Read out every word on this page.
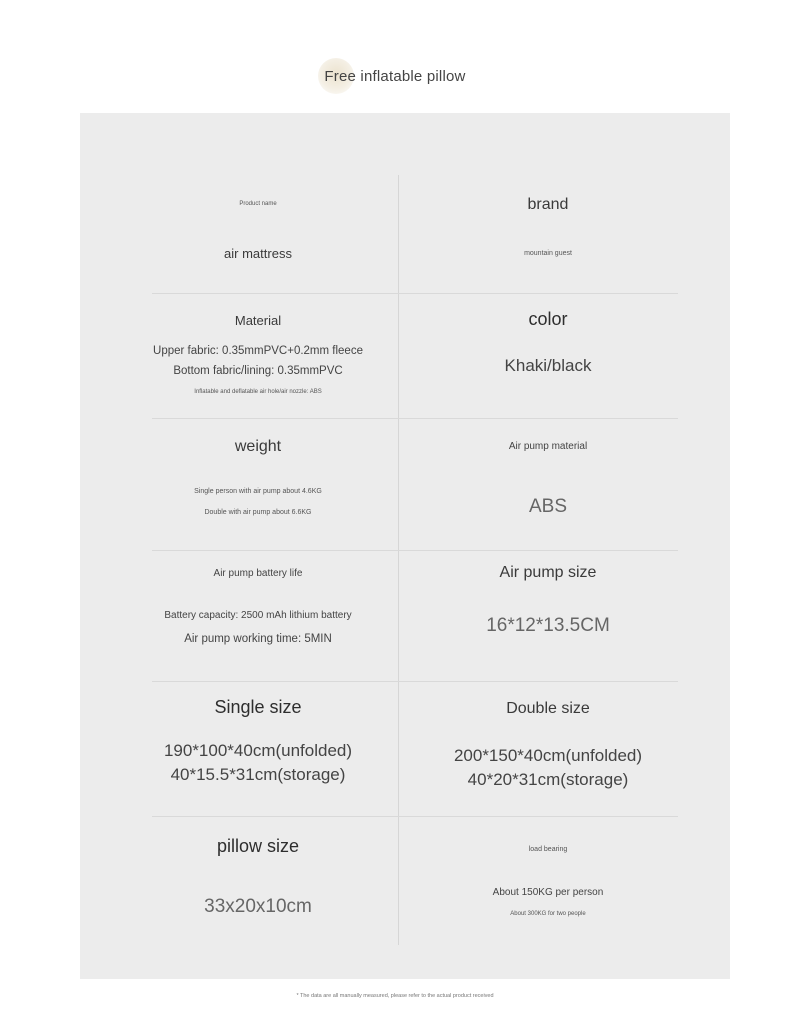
Free inflatable pillow
Product name
air mattress
brand
mountain guest
Material
Upper fabric: 0.35mmPVC+0.2mm fleece
Bottom fabric/lining: 0.35mmPVC
Inflatable and deflatable air hole/air nozzle: ABS
color
Khaki/black
weight
Single person with air pump about 4.6KG
Double with air pump about 6.6KG
Air pump material
ABS
Air pump battery life
Battery capacity: 2500 mAh lithium battery
Air pump working time: 5MIN
Air pump size
16*12*13.5CM
Single size
190*100*40cm(unfolded)
40*15.5*31cm(storage)
Double size
200*150*40cm(unfolded)
40*20*31cm(storage)
pillow size
33x20x10cm
load bearing
About 150KG per person
About 300KG for two people
* The data are all manually measured, please refer to the actual product received
